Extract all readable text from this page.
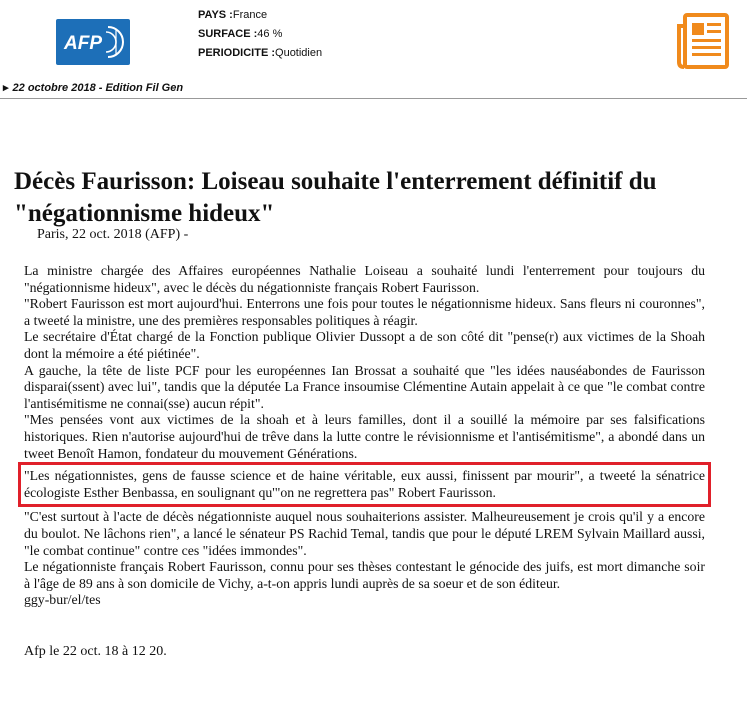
AFP
PAYS :France
SURFACE :46 %
PERIODICITE :Quotidien
▸ 22 octobre 2018 - Edition Fil Gen
Décès Faurisson: Loiseau souhaite l'enterrement définitif du "négationnisme hideux"
Paris, 22 oct. 2018 (AFP) -

La ministre chargée des Affaires européennes Nathalie Loiseau a souhaité lundi l'enterrement pour toujours du "négationnisme hideux", avec le décès du négationniste français Robert Faurisson.

"Robert Faurisson est mort aujourd'hui. Enterrons une fois pour toutes le négationnisme hideux. Sans fleurs ni couronnes", a tweeté la ministre, une des premières responsables politiques à réagir.

Le secrétaire d'État chargé de la Fonction publique Olivier Dussopt a de son côté dit "pense(r) aux victimes de la Shoah dont la mémoire a été piétinée".

A gauche, la tête de liste PCF pour les européennes Ian Brossat a souhaité que "les idées nauséabondes de Faurisson disparai(ssent) avec lui", tandis que la députée La France insoumise Clémentine Autain appelait à ce que "le combat contre l'antisémitisme ne connai(sse) aucun répit".

"Mes pensées vont aux victimes de la shoah et à leurs familles, dont il a souillé la mémoire par ses falsifications historiques. Rien n'autorise aujourd'hui de trêve dans la lutte contre le révisionnisme et l'antisémitisme", a abondé dans un tweet Benoît Hamon, fondateur du mouvement Générations.

"Les négationnistes, gens de fausse science et de haine véritable, eux aussi, finissent par mourir", a tweeté la sénatrice écologiste Esther Benbassa, en soulignant qu'"on ne regrettera pas" Robert Faurisson.

"C'est surtout à l'acte de décès négationniste auquel nous souhaiterions assister. Malheureusement je crois qu'il y a encore du boulot. Ne lâchons rien", a lancé le sénateur PS Rachid Temal, tandis que pour le député LREM Sylvain Maillard aussi, "le combat continue" contre ces "idées immondes".

Le négationniste français Robert Faurisson, connu pour ses thèses contestant le génocide des juifs, est mort dimanche soir à l'âge de 89 ans à son domicile de Vichy, a-t-on appris lundi auprès de sa soeur et de son éditeur.

ggy-bur/el/tes

Afp le 22 oct. 18 à 12 20.
